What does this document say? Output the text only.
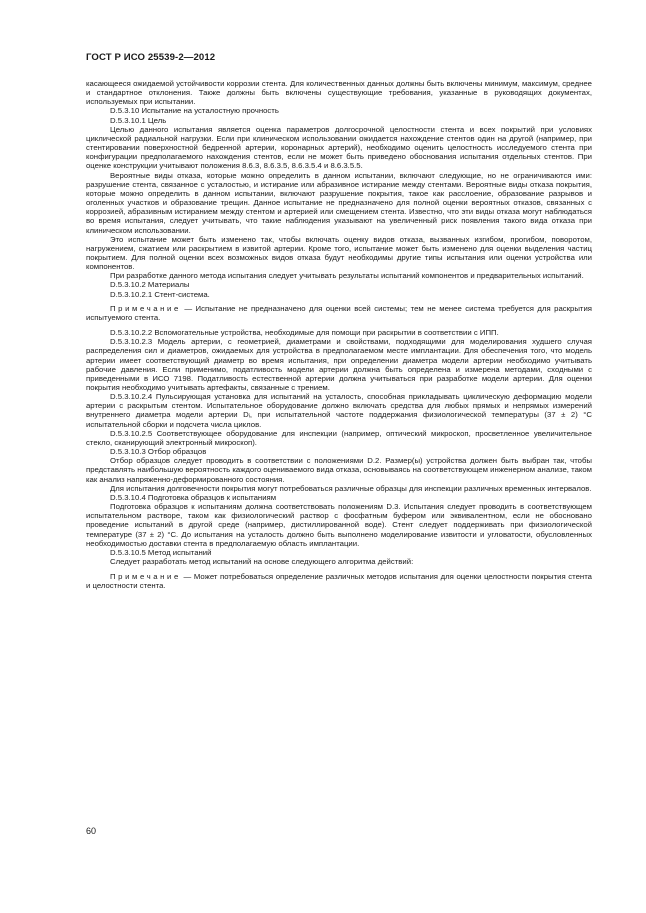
ГОСТ Р ИСО 25539-2—2012

касающееся ожидаемой устойчивости коррозии стента. Для количественных данных должны быть включены минимум, максимум, среднее и стандартное отклонения. Также должны быть включены существующие требования, указанные в руководящих документах, используемых при испытании.

D.5.3.10 Испытание на усталостную прочность

D.5.3.10.1 Цель

Целью данного испытания является оценка параметров долгосрочной целостности стента и всех покрытий при условиях циклической радиальной нагрузки. Если при клиническом использовании ожидается нахождение стентов один на другой (например, при стентировании поверхностной бедренной артерии, коронарных артерий), необходимо оценить целостность исследуемого стента при конфигурации предполагаемого нахождения стентов, если не может быть приведено обоснования испытания отдельных стентов. При оценке конструкции учитывают положения 8.6.3, 8.6.3.5, 8.6.3.5.4 и 8.6.3.5.5.

Вероятные виды отказа, которые можно определить в данном испытании, включают следующие, но не ограничиваются ими: разрушение стента, связанное с усталостью, и истирание или абразивное истирание между стентами. Вероятные виды отказа покрытия, которые можно определить в данном испытании, включают разрушение покрытия, такое как расслоение, образование разрывов и оголенных участков и образование трещин. Данное испытание не предназначено для полной оценки вероятных отказов, связанных с коррозией, абразивным истиранием между стентом и артерией или смещением стента. Известно, что эти виды отказа могут наблюдаться во время испытания, следует учитывать, что такие наблюдения указывают на увеличенный риск появления такого вида отказа при клиническом использовании.

Это испытание может быть изменено так, чтобы включать оценку видов отказа, вызванных изгибом, прогибом, поворотом, нагружением, сжатием или раскрытием в извитой артерии. Кроме того, испытание может быть изменено для оценки выделения частиц покрытием. Для полной оценки всех возможных видов отказа будут необходимы другие типы испытания или оценки устройства или компонентов.

При разработке данного метода испытания следует учитывать результаты испытаний компонентов и предварительных испытаний.

D.5.3.10.2 Материалы

D.5.3.10.2.1 Стент-система.

Примечание — Испытание не предназначено для оценки всей системы; тем не менее система требуется для раскрытия испытуемого стента.

D.5.3.10.2.2 Вспомогательные устройства, необходимые для помощи при раскрытии в соответствии с ИПП.

D.5.3.10.2.3 Модель артерии, с геометрией, диаметрами и свойствами, подходящими для моделирования худшего случая распределения сил и диаметров, ожидаемых для устройства в предполагаемом месте имплантации. Для обеспечения того, что модель артерии имеет соответствующий диаметр во время испытания, при определении диаметра модели артерии необходимо учитывать рабочие давления. Если применимо, податливость модели артерии должна быть определена и измерена методами, сходными с приведенными в ИСО 7198. Податливость естественной артерии должна учитываться при разработке модели артерии. Для оценки покрытия необходимо учитывать артефакты, связанные с трением.

D.5.3.10.2.4 Пульсирующая установка для испытаний на усталость, способная прикладывать циклическую деформацию модели артерии с раскрытым стентом. Испытательное оборудование должно включать средства для любых прямых и непрямых измерений внутреннего диаметра модели артерии Dᵢ, при испытательной частоте поддержания физиологической температуры (37 ± 2) °С испытательной сборки и подсчета числа циклов.

D.5.3.10.2.5 Соответствующее оборудование для инспекции (например, оптический микроскоп, просветленное увеличительное стекло, сканирующий электронный микроскоп).

D.5.3.10.3 Отбор образцов

Отбор образцов следует проводить в соответствии с положениями D.2. Размер(ы) устройства должен быть выбран так, чтобы представлять наибольшую вероятность каждого оцениваемого вида отказа, основываясь на соответствующем инженерном анализе, таком как анализ напряженно-деформированного состояния.

Для испытания долговечности покрытия могут потребоваться различные образцы для инспекции различных временных интервалов.

D.5.3.10.4 Подготовка образцов к испытаниям

Подготовка образцов к испытаниям должна соответствовать положениям D.3. Испытания следует проводить в соответствующем испытательном растворе, таком как физиологический раствор с фосфатным буфером или эквивалентном, если не обосновано проведение испытаний в другой среде (например, дистиллированной воде). Стент следует поддерживать при физиологической температуре (37 ± 2) °С. До испытания на усталость должно быть выполнено моделирование извитости и угловатости, обусловленных необходимостью доставки стента в предполагаемую область имплантации.

D.5.3.10.5 Метод испытаний

Следует разработать метод испытаний на основе следующего алгоритма действий:

Примечание — Может потребоваться определение различных методов испытания для оценки целостности покрытия стента и целостности стента.

60
